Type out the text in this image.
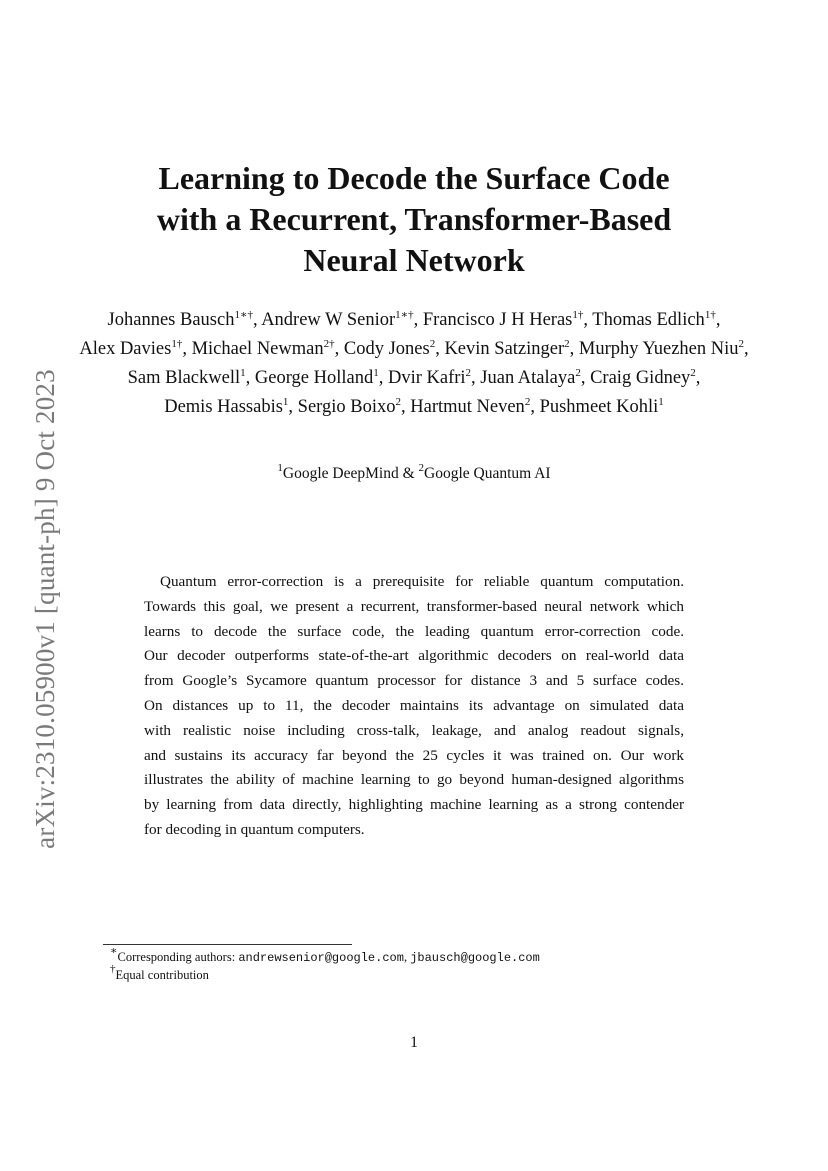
arXiv:2310.05900v1 [quant-ph] 9 Oct 2023
Learning to Decode the Surface Code
with a Recurrent, Transformer-Based
Neural Network
Johannes Bausch$^{1∗\dagger}$, Andrew W Senior$^{1∗\dagger}$, Francisco J H Heras$^{1\dagger}$, Thomas Edlich$^{1\dagger}$,
Alex Davies$^{1\dagger}$, Michael Newman$^{2\dagger}$, Cody Jones$^2$, Kevin Satzinger$^2$, Murphy Yuezhen Niu$^2$,
Sam Blackwell$^1$, George Holland$^1$, Dvir Kafri$^2$, Juan Atalaya$^2$, Craig Gidney$^2$,
Demis Hassabis$^1$, Sergio Boixo$^2$, Hartmut Neven$^2$, Pushmeet Kohli$^1$
$^1$Google DeepMind & $^2$Google Quantum AI
Quantum error-correction is a prerequisite for reliable quantum computation.
Towards this goal, we present a recurrent, transformer-based neural network which
learns to decode the surface code, the leading quantum error-correction code.
Our decoder outperforms state-of-the-art algorithmic decoders on real-world data
from Google’s Sycamore quantum processor for distance 3 and 5 surface codes.
On distances up to 11, the decoder maintains its advantage on simulated data
with realistic noise including cross-talk, leakage, and analog readout signals,
and sustains its accuracy far beyond the 25 cycles it was trained on. Our work
illustrates the ability of machine learning to go beyond human-designed algorithms
by learning from data directly, highlighting machine learning as a strong contender
for decoding in quantum computers.
∗Corresponding authors: andrewsenior@google.com, jbausch@google.com
†Equal contribution
1
